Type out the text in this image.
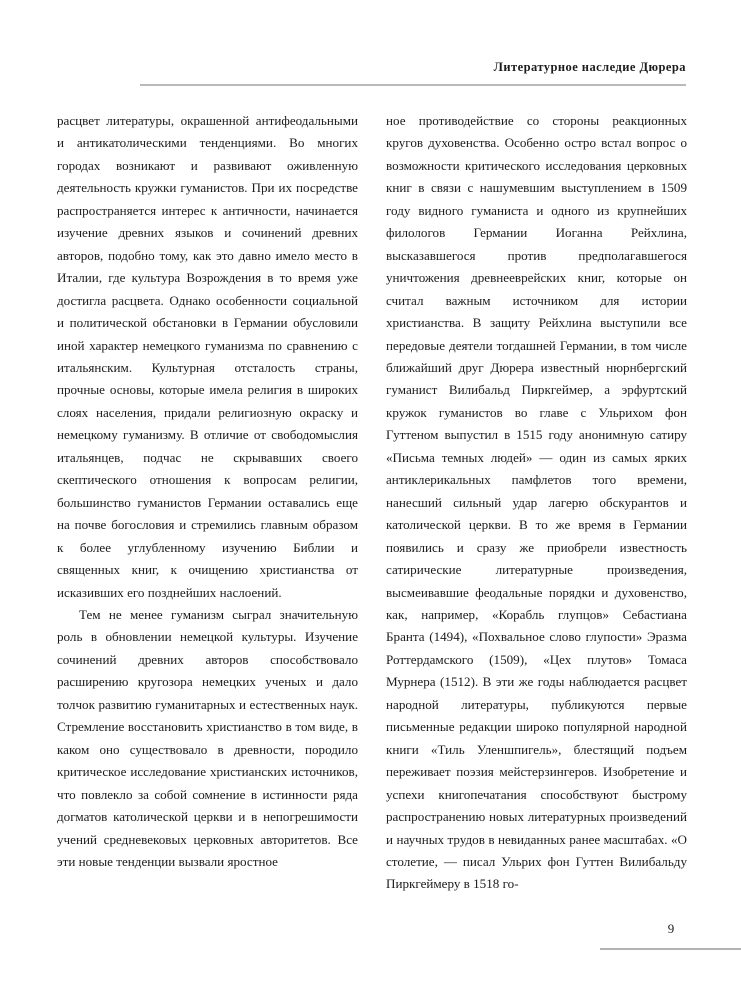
Литературное наследие Дюрера

расцвет литературы, окрашенной антифеодальными и антикатолическими тенденциями. Во многих городах возникают и развивают оживленную деятельность кружки гуманистов. При их посредстве распространяется интерес к античности, начинается изучение древних языков и сочинений древних авторов, подобно тому, как это давно имело место в Италии, где культура Возрождения в то время уже достигла расцвета. Однако особенности социальной и политической обстановки в Германии обусловили иной характер немецкого гуманизма по сравнению с итальянским. Культурная отсталость страны, прочные основы, которые имела религия в широких слоях населения, придали религиозную окраску и немецкому гуманизму. В отличие от свободомыслия итальянцев, подчас не скрывавших своего скептического отношения к вопросам религии, большинство гуманистов Германии оставались еще на почве богословия и стремились главным образом к более углубленному изучению Библии и священных книг, к очищению христианства от исказивших его позднейших наслоений.

Тем не менее гуманизм сыграл значительную роль в обновлении немецкой культуры. Изучение сочинений древних авторов способствовало расширению кругозора немецких ученых и дало толчок развитию гуманитарных и естественных наук. Стремление восстановить христианство в том виде, в каком оно существовало в древности, породило критическое исследование христианских источников, что повлекло за собой сомнение в истинности ряда догматов католической церкви и в непогрешимости учений средневековых церковных авторитетов. Все эти новые тенденции вызвали яростное

ное противодействие со стороны реакционных кругов духовенства. Особенно остро встал вопрос о возможности критического исследования церковных книг в связи с нашумевшим выступлением в 1509 году видного гуманиста и одного из крупнейших филологов Германии Иоганна Рейхлина, высказавшегося против предполагавшегося уничтожения древнееврейских книг, которые он считал важным источником для истории христианства. В защиту Рейхлина выступили все передовые деятели тогдашней Германии, в том числе ближайший друг Дюрера известный нюрнбергский гуманист Вилибальд Пиркгеймер, а эрфуртский кружок гуманистов во главе с Ульрихом фон Гуттеном выпустил в 1515 году анонимную сатиру «Письма темных людей» — один из самых ярких антиклерикальных памфлетов того времени, нанесший сильный удар лагерю обскурантов и католической церкви. В то же время в Германии появились и сразу же приобрели известность сатирические литературные произведения, высмеивавшие феодальные порядки и духовенство, как, например, «Корабль глупцов» Себастиана Бранта (1494), «Похвальное слово глупости» Эразма Роттердамского (1509), «Цех плутов» Томаса Мурнера (1512). В эти же годы наблюдается расцвет народной литературы, публикуются первые письменные редакции широко популярной народной книги «Тиль Уленшпигель», блестящий подъем переживает поэзия мейстерзингеров. Изобретение и успехи книгопечатания способствуют быстрому распространению новых литературных произведений и научных трудов в невиданных ранее масштабах. «О столетие, — писал Ульрих фон Гуттен Вилибальду Пиркгеймеру в 1518 го-

9
